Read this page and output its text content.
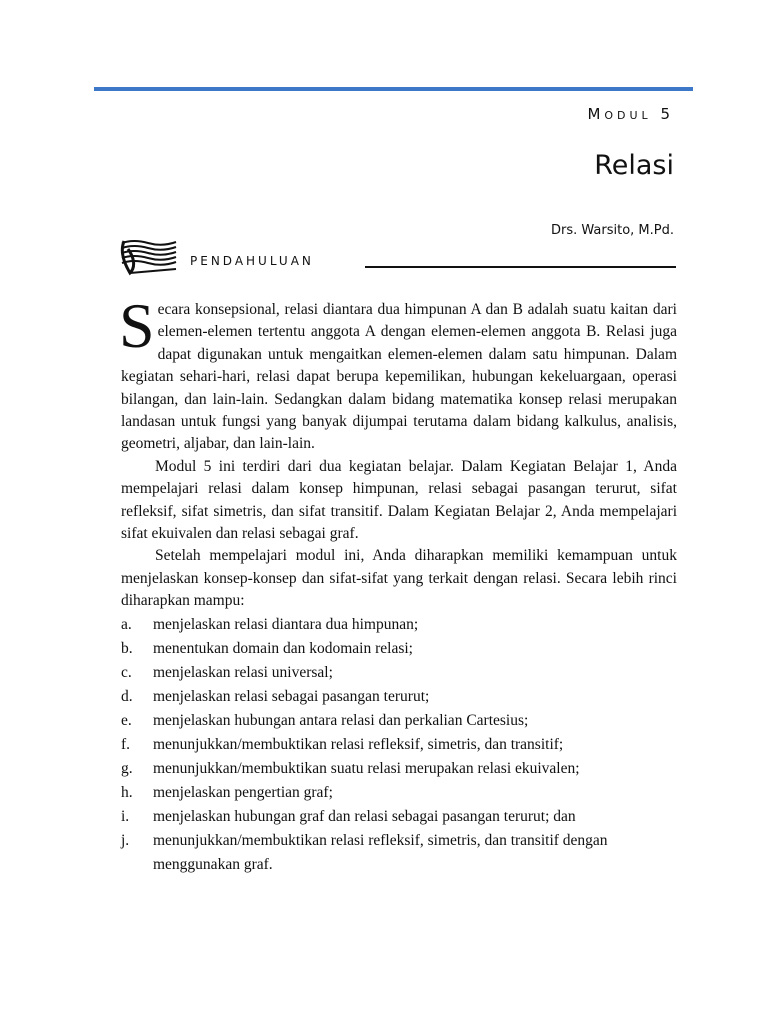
Modul 5
Relasi
Drs. Warsito, M.Pd.
PENDAHULUAN

Secara konsepsional, relasi diantara dua himpunan A dan B adalah suatu kaitan dari elemen-elemen tertentu anggota A dengan elemen-elemen anggota B. Relasi juga dapat digunakan untuk mengaitkan elemen-elemen dalam satu himpunan. Dalam kegiatan sehari-hari, relasi dapat berupa kepemilikan, hubungan kekeluargaan, operasi bilangan, dan lain-lain. Sedangkan dalam bidang matematika konsep relasi merupakan landasan untuk fungsi yang banyak dijumpai terutama dalam bidang kalkulus, analisis, geometri, aljabar, dan lain-lain.

Modul 5 ini terdiri dari dua kegiatan belajar. Dalam Kegiatan Belajar 1, Anda mempelajari relasi dalam konsep himpunan, relasi sebagai pasangan terurut, sifat refleksif, sifat simetris, dan sifat transitif. Dalam Kegiatan Belajar 2, Anda mempelajari sifat ekuivalen dan relasi sebagai graf.

Setelah mempelajari modul ini, Anda diharapkan memiliki kemampuan untuk menjelaskan konsep-konsep dan sifat-sifat yang terkait dengan relasi. Secara lebih rinci diharapkan mampu:

a. menjelaskan relasi diantara dua himpunan;
b. menentukan domain dan kodomain relasi;
c. menjelaskan relasi universal;
d. menjelaskan relasi sebagai pasangan terurut;
e. menjelaskan hubungan antara relasi dan perkalian Cartesius;
f. menunjukkan/membuktikan relasi refleksif, simetris, dan transitif;
g. menunjukkan/membuktikan suatu relasi merupakan relasi ekuivalen;
h. menjelaskan pengertian graf;
i. menjelaskan hubungan graf dan relasi sebagai pasangan terurut; dan
j. menunjukkan/membuktikan relasi refleksif, simetris, dan transitif dengan menggunakan graf.
